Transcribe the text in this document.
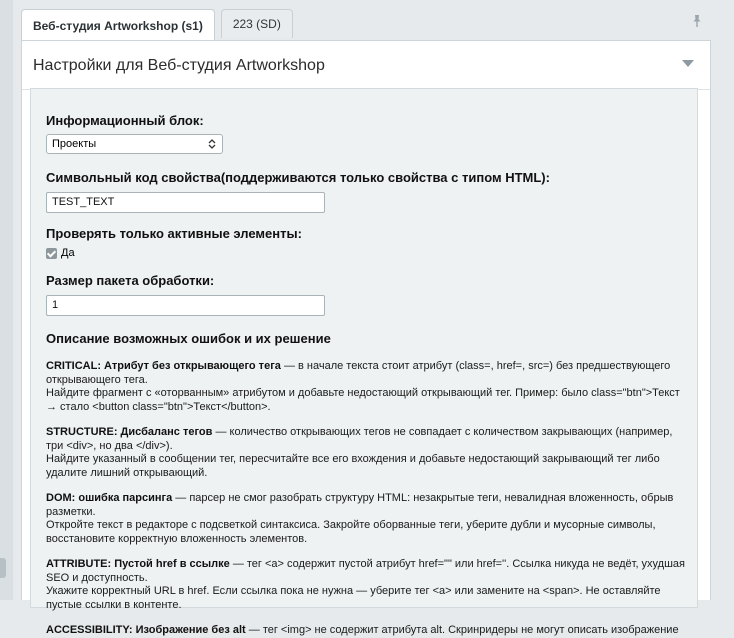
Веб-студия Artworkshop (s1)	223 (SD)
Настройки для Веб-студия Artworkshop
Информационный блок:
Проекты
Символьный код свойства(поддерживаются только свойства с типом HTML):
TEST_TEXT
Проверять только активные элементы:
Да
Размер пакета обработки:
1
Описание возможных ошибок и их решение
CRITICAL: Атрибут без открывающего тега — в начале текста стоит атрибут (class=, href=, src=) без предшествующего открывающего тега.
Найдите фрагмент с «оторванным» атрибутом и добавьте недостающий открывающий тег. Пример: было class="btn">Текст → стало <button class="btn">Текст</button>.
STRUCTURE: Дисбаланс тегов — количество открывающих тегов не совпадает с количеством закрывающих (например, три <div>, но два </div>).
Найдите указанный в сообщении тег, пересчитайте все его вхождения и добавьте недостающий закрывающий тег либо удалите лишний открывающий.
DOM: ошибка парсинга — парсер не смог разобрать структуру HTML: незакрытые теги, невалидная вложенность, обрыв разметки.
Откройте текст в редакторе с подсветкой синтаксиса. Закройте оборванные теги, уберите дубли и мусорные символы, восстановите корректную вложенность элементов.
ATTRIBUTE: Пустой href в ссылке — тег <a> содержит пустой атрибут href="" или href=''. Ссылка никуда не ведёт, ухудшая SEO и доступность.
Укажите корректный URL в href. Если ссылка пока не нужна — уберите тег <a> или замените на <span>. Не оставляйте пустые ссылки в контенте.
ACCESSIBILITY: Изображение без alt — тег <img> не содержит атрибута alt. Скринридеры не могут описать изображение
